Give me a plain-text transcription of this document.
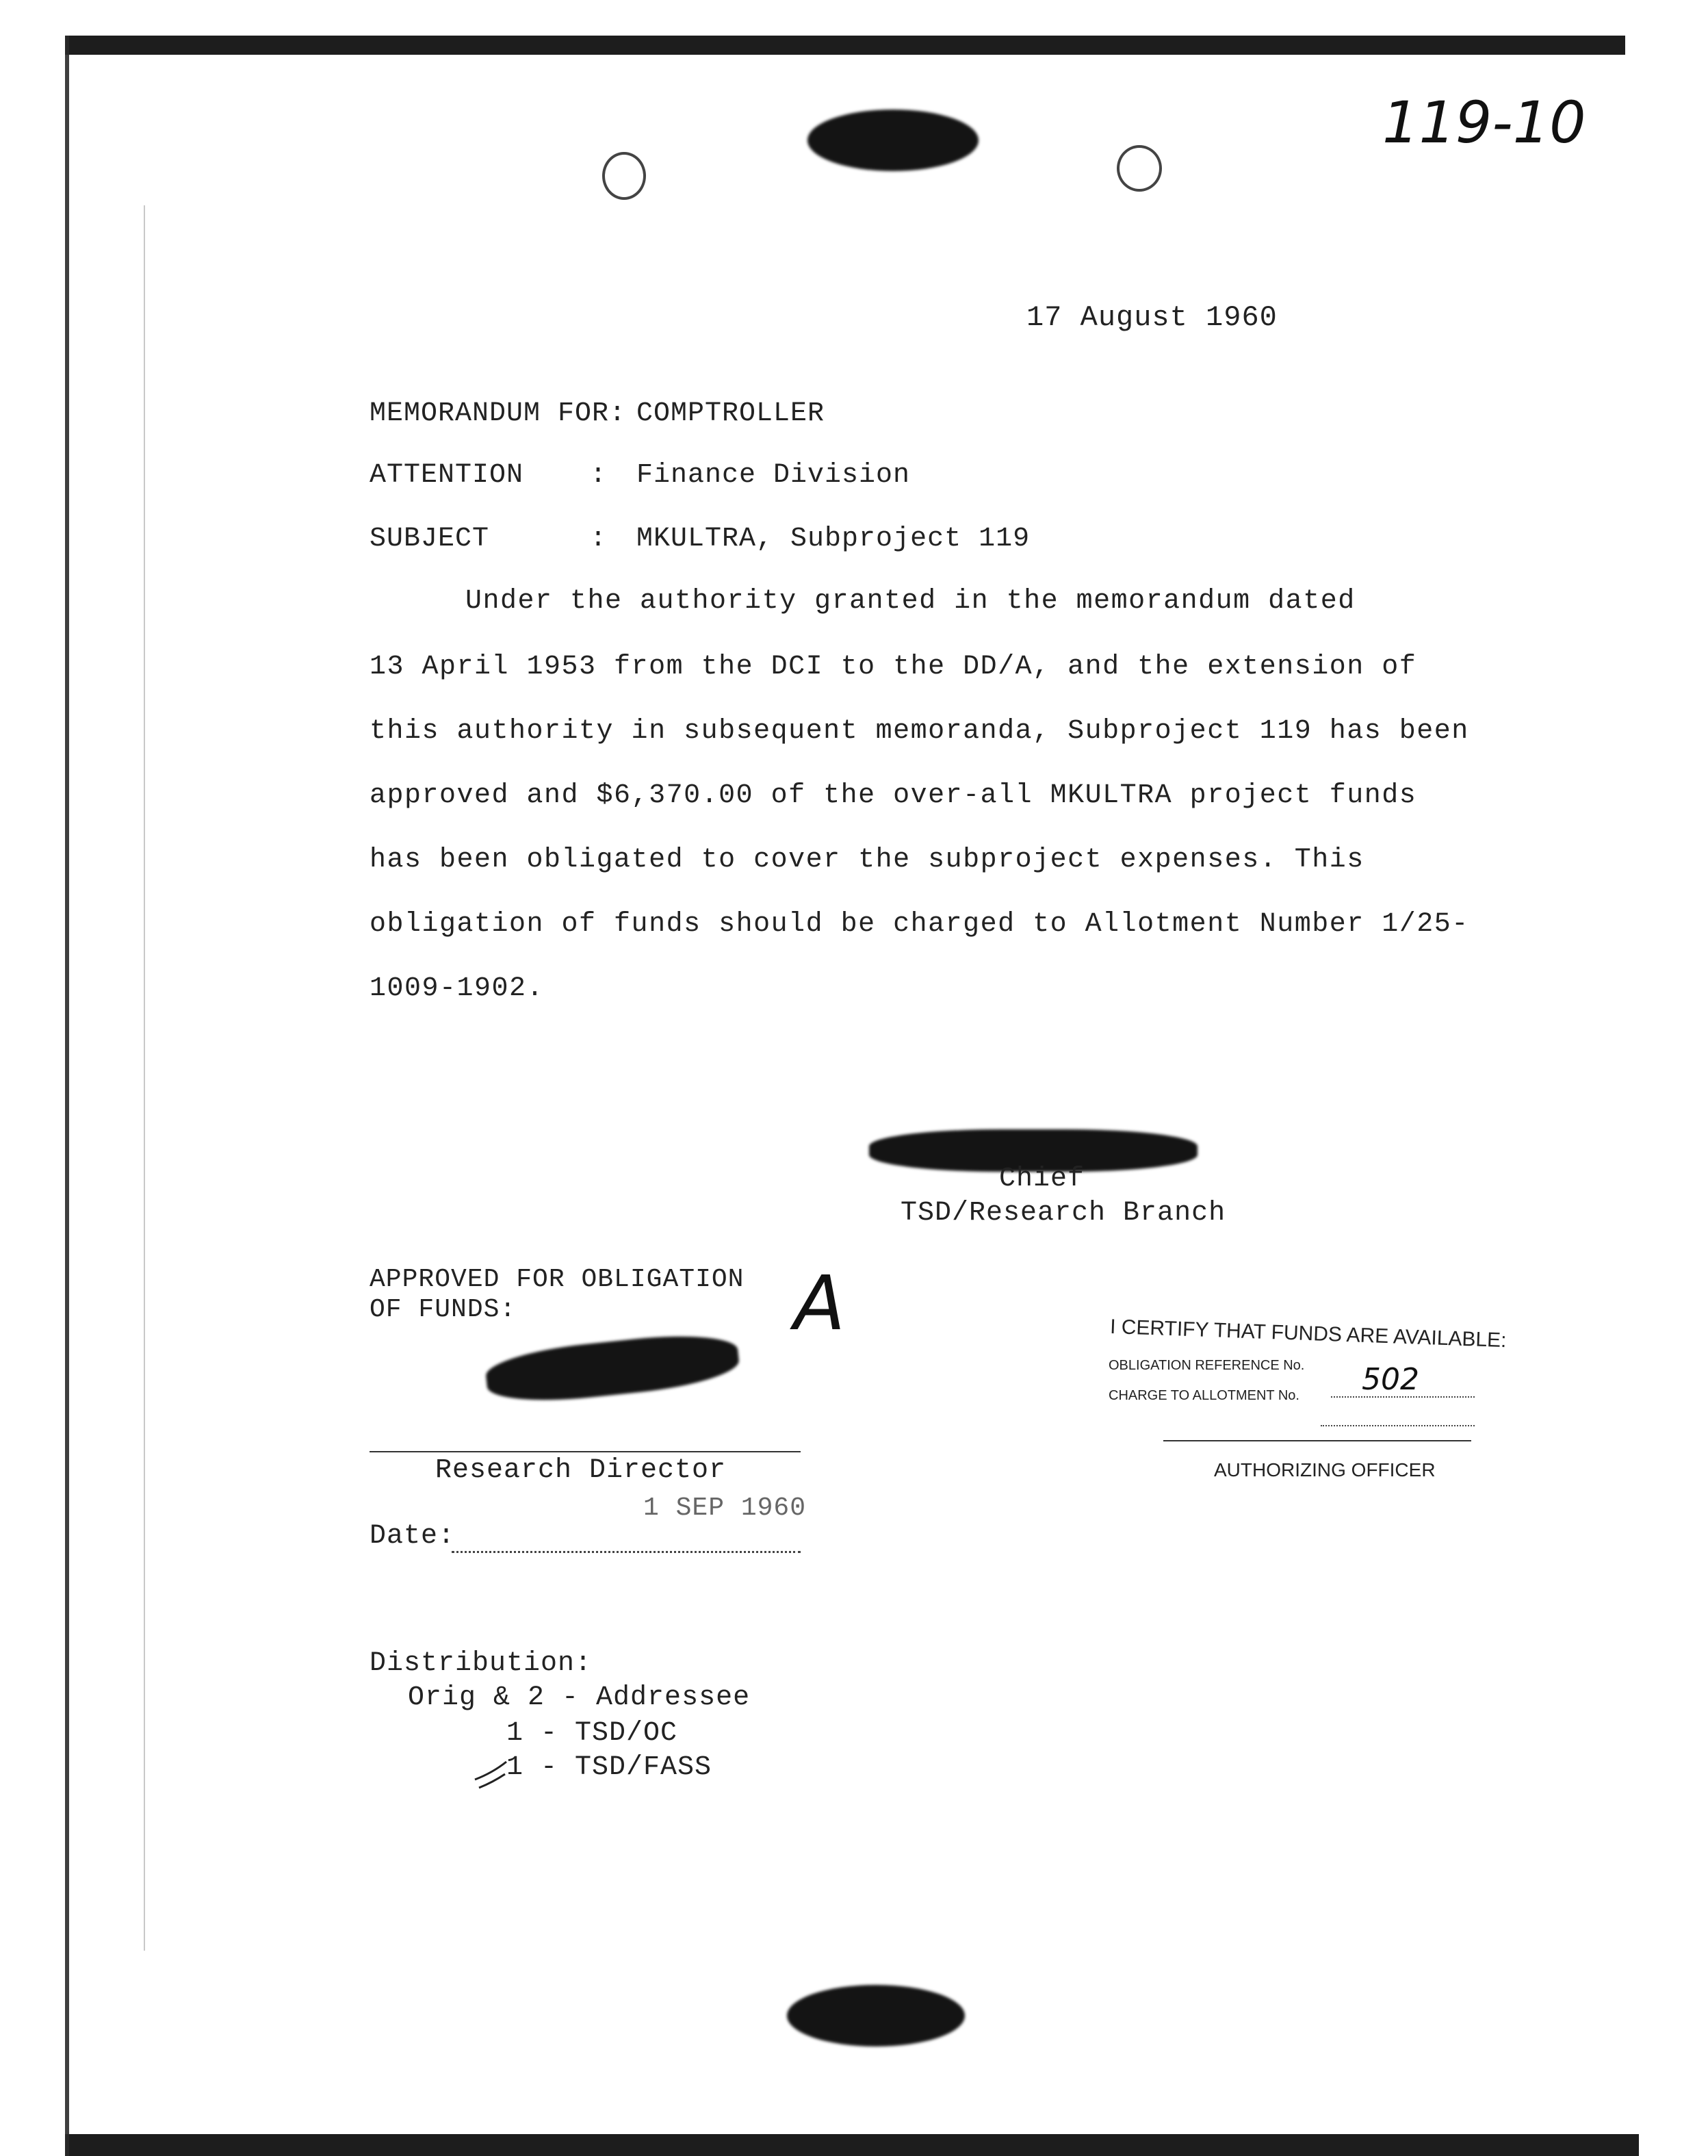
119-10
17 August 1960
MEMORANDUM FOR: COMPTROLLER
ATTENTION : Finance Division
SUBJECT	: MKULTRA, Subproject 119
Under the authority granted in the memorandum dated
13 April 1953 from the DCI to the DD/A, and the extension of
this authority in subsequent memoranda, Subproject 119 has been
approved and $6,370.00 of the over-all MKULTRA project funds
has been obligated to cover the subproject expenses. This
obligation of funds should be charged to Allotment Number 1/25-
1009-1902.
Chief
TSD/Research Branch
APPROVED FOR OBLIGATION
OF FUNDS:	A
Research Director
Date:
1 SEP 1960
I CERTIFY THAT FUNDS ARE AVAILABLE:
OBLIGATION REFERENCE No. 502
CHARGE TO ALLOTMENT No.
AUTHORIZING OFFICER
Distribution:
Orig & 2 - Addressee
1 - TSD/OC
1 - TSD/FASS
